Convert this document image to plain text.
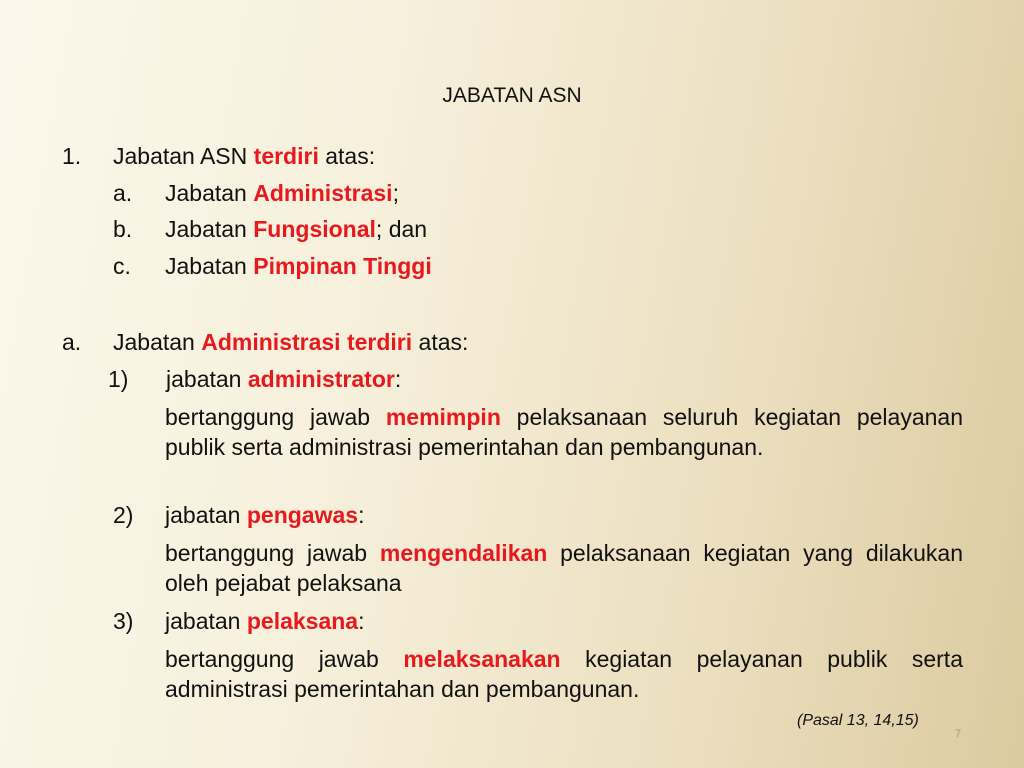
JABATAN ASN
1. Jabatan ASN terdiri atas:
a. Jabatan Administrasi;
b. Jabatan Fungsional; dan
c. Jabatan Pimpinan Tinggi
a. Jabatan Administrasi terdiri atas:
1) jabatan administrator:
bertanggung jawab memimpin pelaksanaan seluruh kegiatan pelayanan publik serta administrasi pemerintahan dan pembangunan.
2) jabatan pengawas:
bertanggung jawab mengendalikan pelaksanaan kegiatan yang dilakukan oleh pejabat pelaksana
3) jabatan pelaksana:
bertanggung jawab melaksanakan kegiatan pelayanan publik serta administrasi pemerintahan dan pembangunan.
(Pasal 13, 14,15)
7
